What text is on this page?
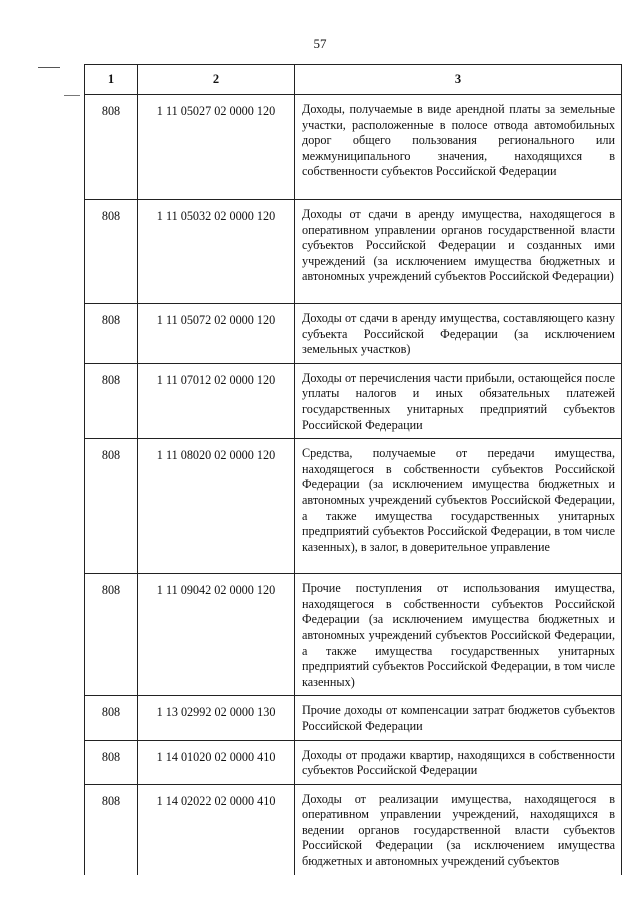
57
1	2	3
808	1 11 05027 02 0000 120	Доходы, получаемые в виде арендной платы за земельные участки, расположенные в полосе отвода автомобильных дорог общего пользования регионального или межмуниципального значения, находящихся в собственности субъектов Российской Федерации
808	1 11 05032 02 0000 120	Доходы от сдачи в аренду имущества, находящегося в оперативном управлении органов государственной власти субъектов Российской Федерации и созданных ими учреждений (за исключением имущества бюджетных и автономных учреждений субъектов Российской Федерации)
808	1 11 05072 02 0000 120	Доходы от сдачи в аренду имущества, составляющего казну субъекта Российской Федерации (за исключением земельных участков)
808	1 11 07012 02 0000 120	Доходы от перечисления части прибыли, остающейся после уплаты налогов и иных обязательных платежей государственных унитарных предприятий субъектов Российской Федерации
808	1 11 08020 02 0000 120	Средства, получаемые от передачи имущества, находящегося в собственности субъектов Российской Федерации (за исключением имущества бюджетных и автономных учреждений субъектов Российской Федерации, а также имущества государственных унитарных предприятий субъектов Российской Федерации, в том числе казенных), в залог, в доверительное управление
808	1 11 09042 02 0000 120	Прочие поступления от использования имущества, находящегося в собственности субъектов Российской Федерации (за исключением имущества бюджетных и автономных учреждений субъектов Российской Федерации, а также имущества государственных унитарных предприятий субъектов Российской Федерации, в том числе казенных)
808	1 13 02992 02 0000 130	Прочие доходы от компенсации затрат бюджетов субъектов Российской Федерации
808	1 14 01020 02 0000 410	Доходы от продажи квартир, находящихся в собственности субъектов Российской Федерации
808	1 14 02022 02 0000 410	Доходы от реализации имущества, находящегося в оперативном управлении учреждений, находящихся в ведении органов государственной власти субъектов Российской Федерации (за исключением имущества бюджетных и автономных учреждений субъектов
